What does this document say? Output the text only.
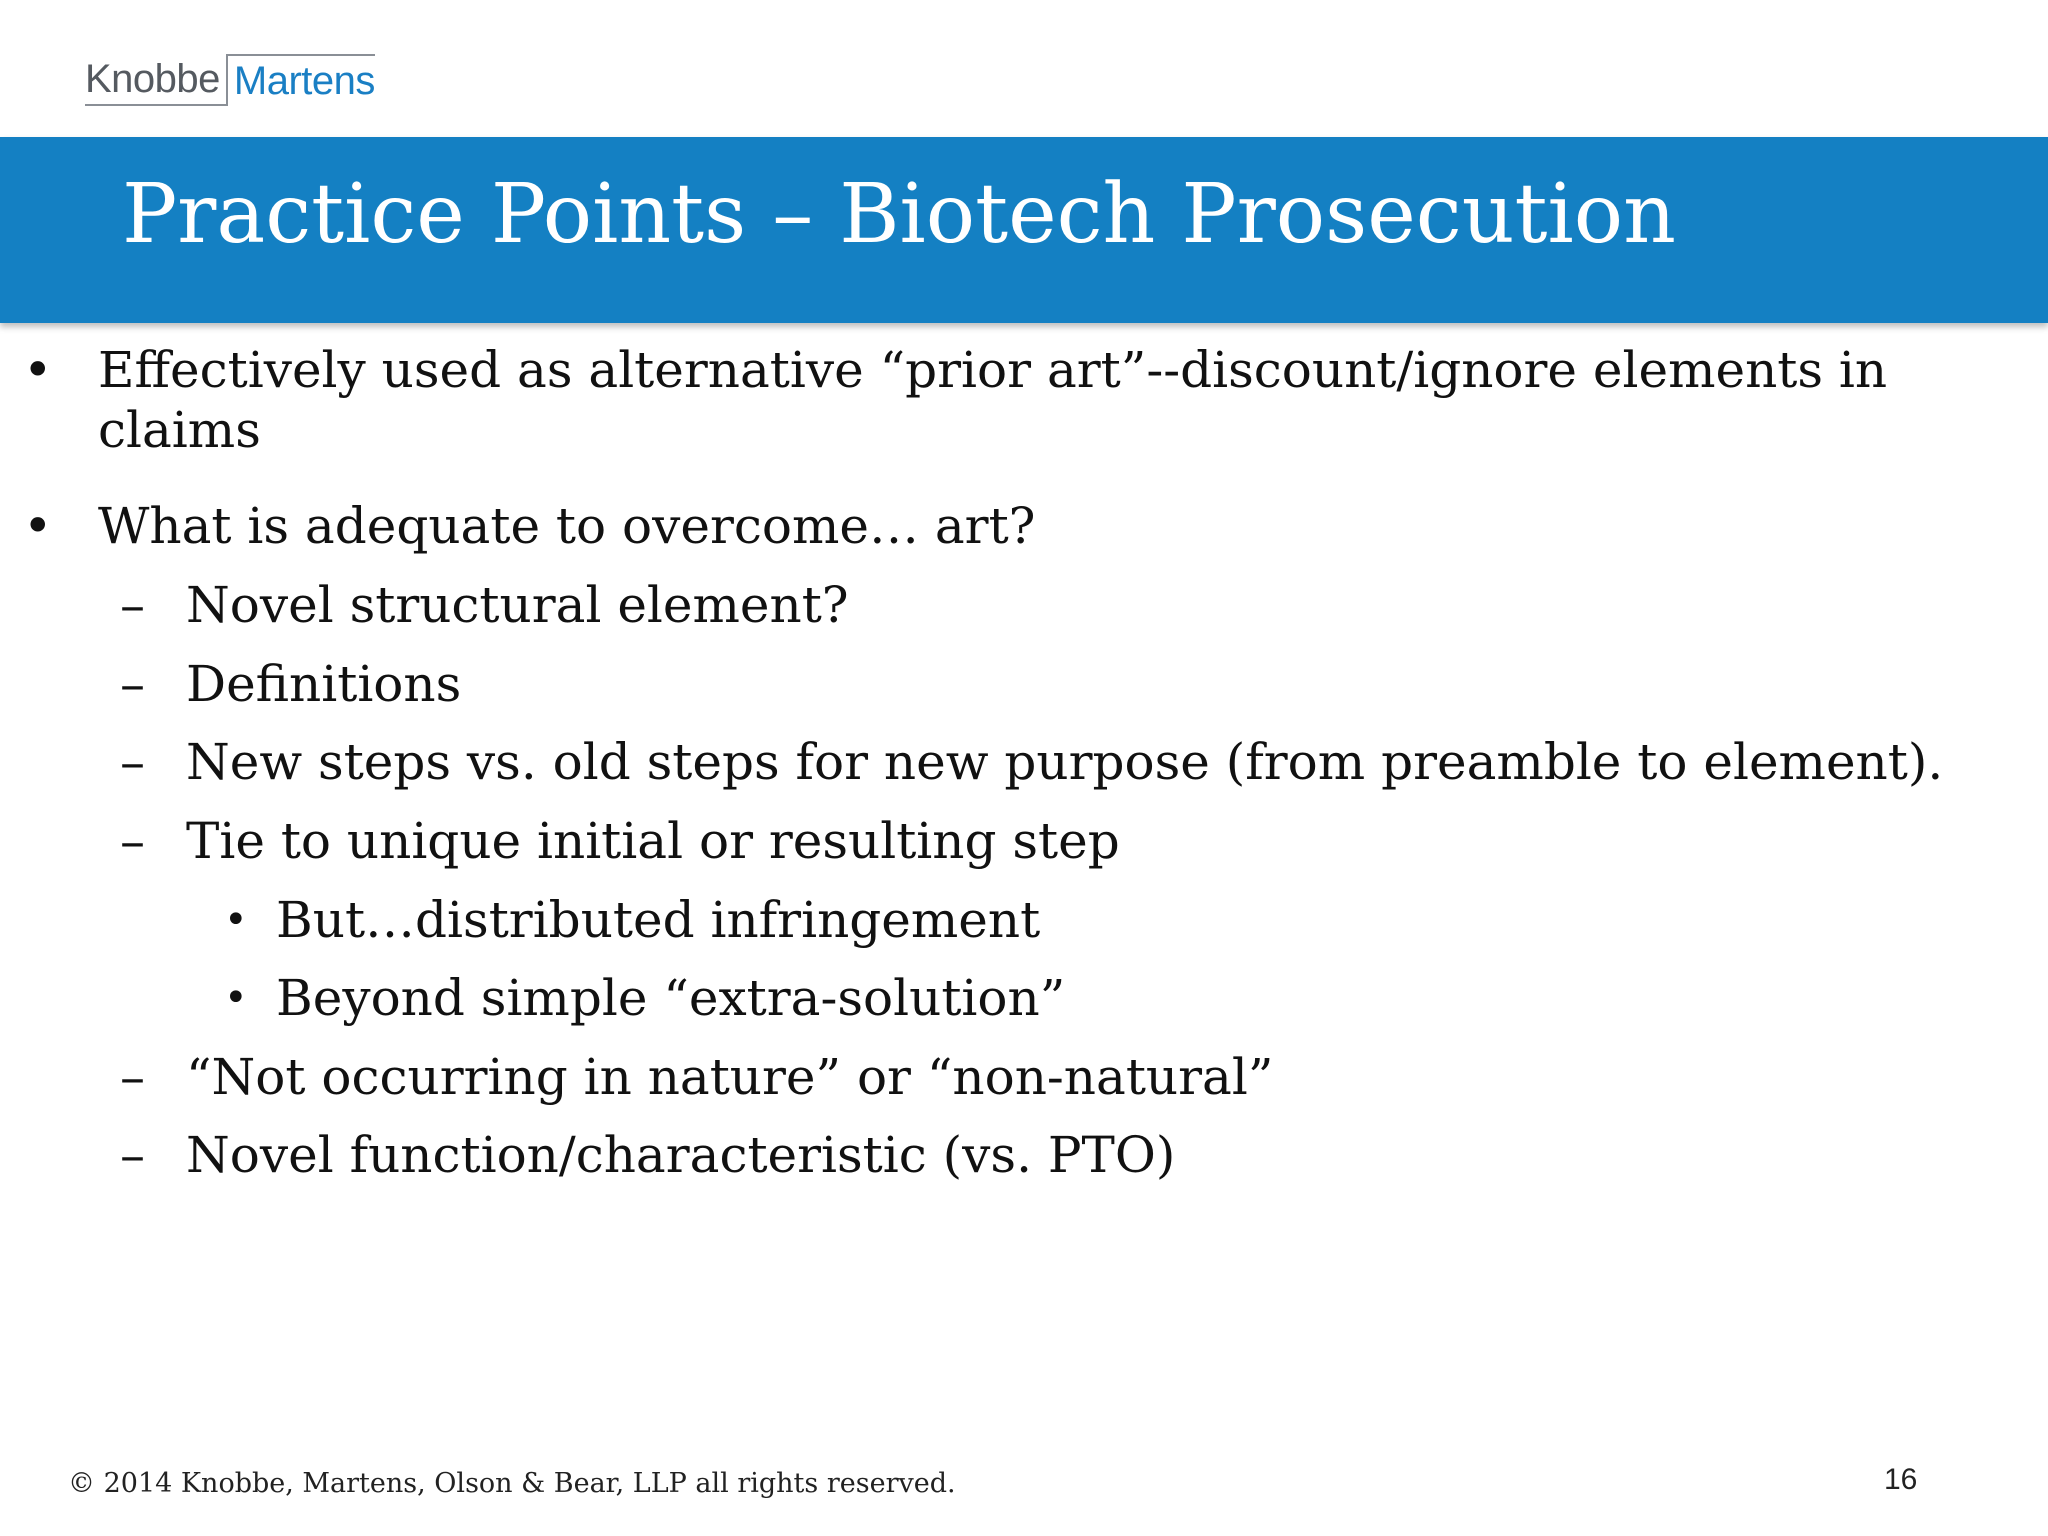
Knobbe Martens
Practice Points – Biotech Prosecution
• Effectively used as alternative “prior art”--discount/ignore elements in
claims
• What is adequate to overcome… art?
– Novel structural element?
– Definitions
– New steps vs. old steps for new purpose (from preamble to element).
– Tie to unique initial or resulting step
• But…distributed infringement
• Beyond simple “extra-solution”
– “Not occurring in nature” or “non-natural”
– Novel function/characteristic (vs. PTO)
© 2014 Knobbe, Martens, Olson & Bear, LLP all rights reserved.	16
